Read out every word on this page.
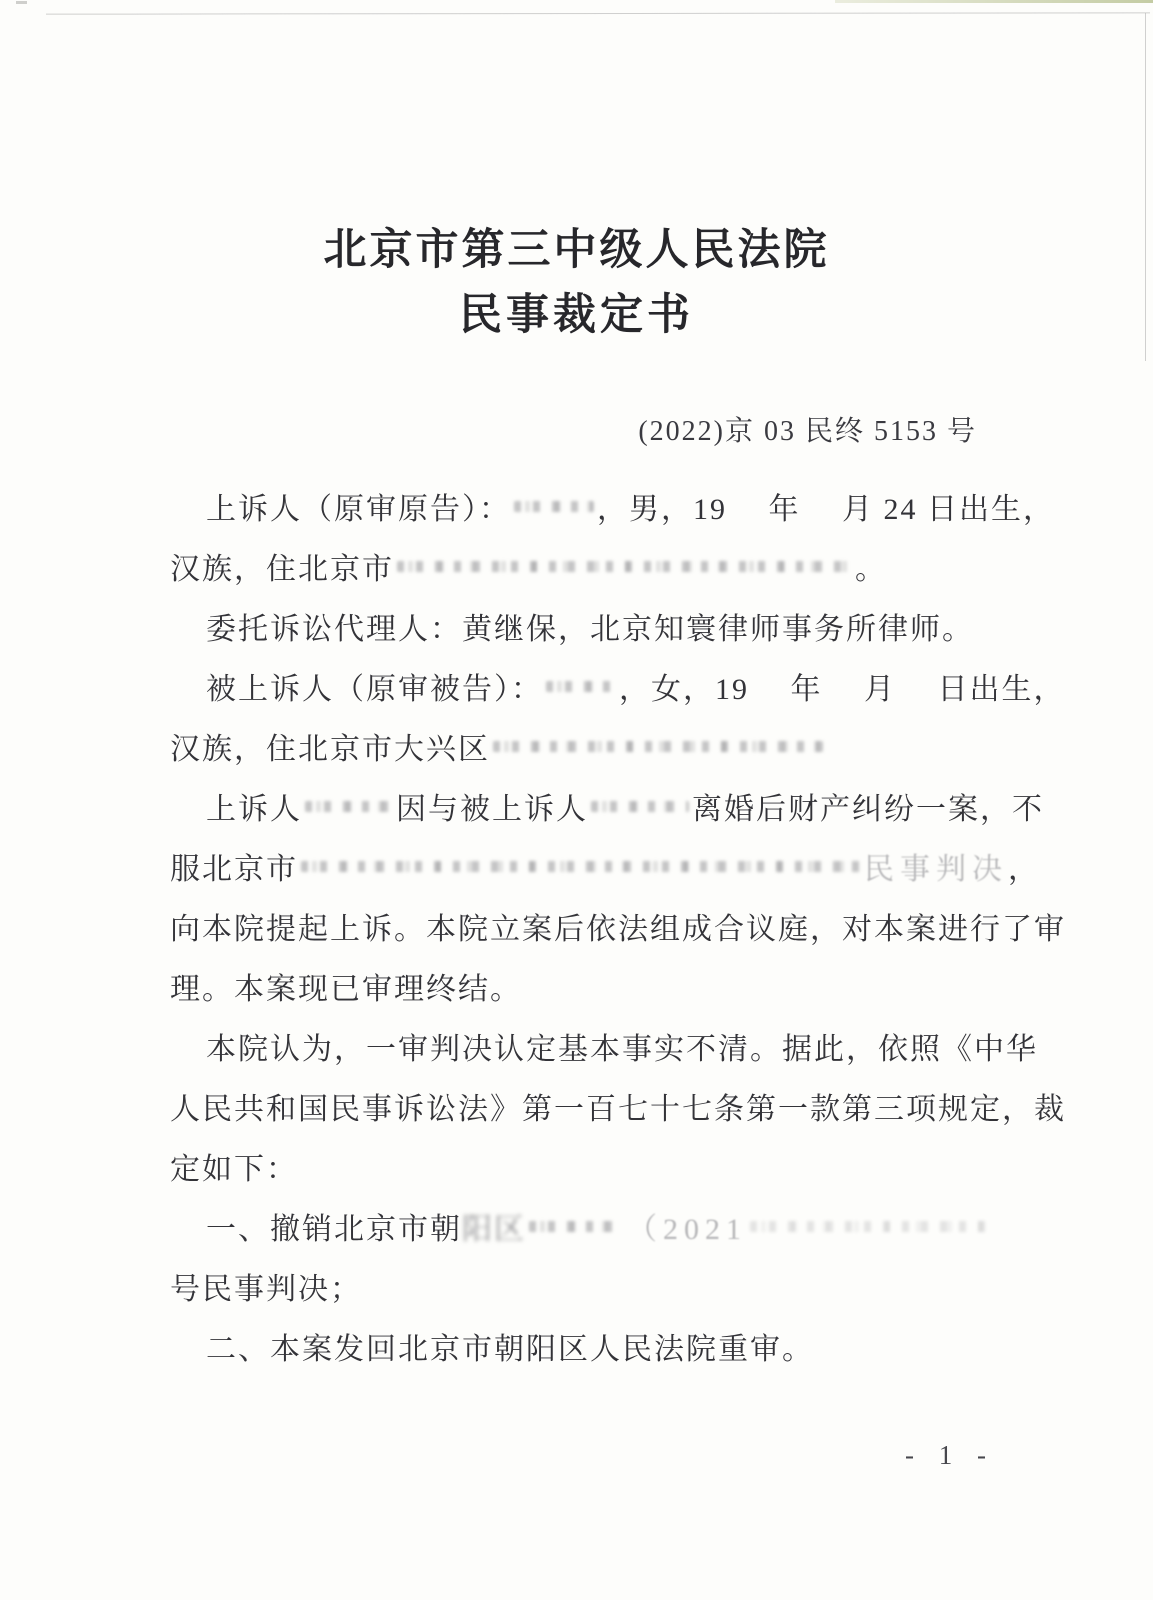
北京市第三中级人民法院
民事裁定书
(2022)京 03 民终 5153 号
上诉人（原审原告）：	，男，19　 年　 月 24 日出生，
汉族，住北京市	。
委托诉讼代理人：黄继保，北京知寰律师事务所律师。
被上诉人（原审被告）：	，女，19　 年 　月　 日出生，
汉族，住北京市大兴区
上诉人	因与被上诉人	离婚后财产纠纷一案，不
服北京市	民事判决，
向本院提起上诉。本院立案后依法组成合议庭，对本案进行了审
理。本案现已审理终结。
本院认为，一审判决认定基本事实不清。据此，依照《中华
人民共和国民事诉讼法》第一百七十七条第一款第三项规定，裁
定如下：
一、撤销北京市朝阳区	（2021
号民事判决；
二、本案发回北京市朝阳区人民法院重审。
- 1 -
